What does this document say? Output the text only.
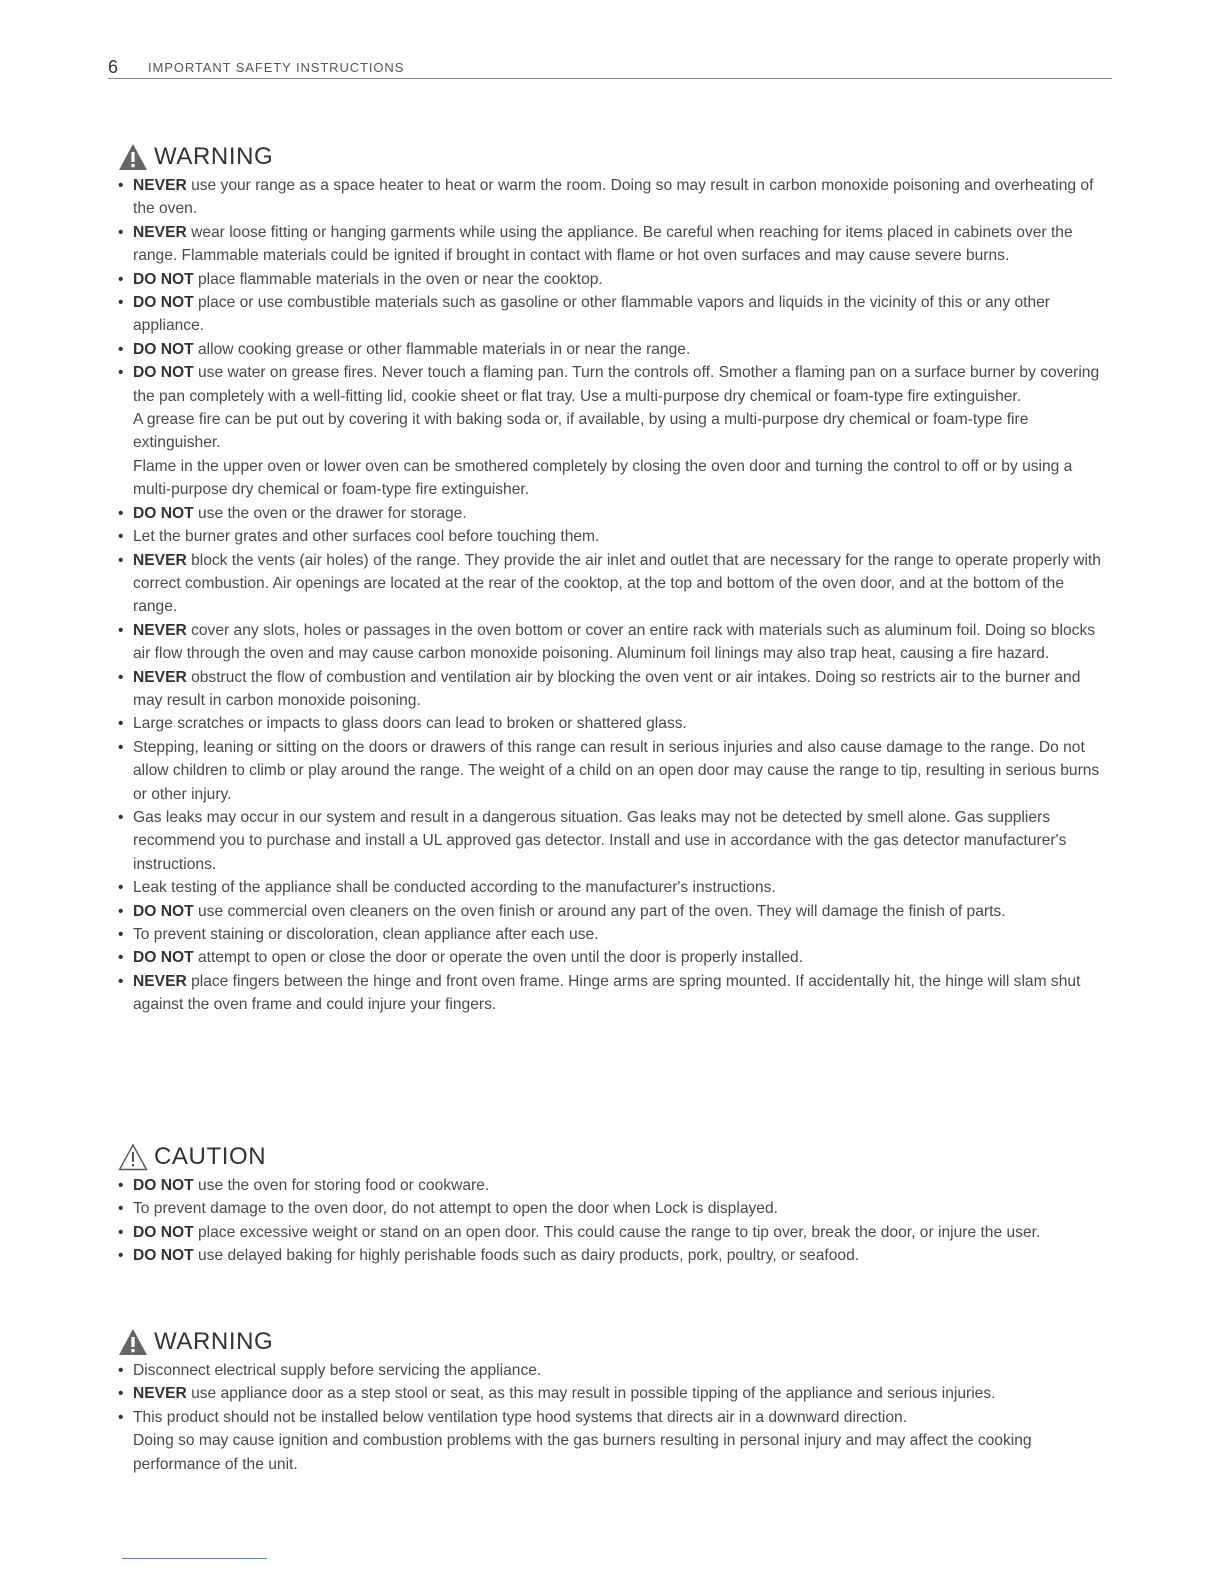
6 IMPORTANT SAFETY INSTRUCTIONS
WARNING
• NEVER use your range as a space heater to heat or warm the room. Doing so may result in carbon monoxide poisoning and overheating of the oven.
• NEVER wear loose fitting or hanging garments while using the appliance. Be careful when reaching for items placed in cabinets over the range. Flammable materials could be ignited if brought in contact with flame or hot oven surfaces and may cause severe burns.
• DO NOT place flammable materials in the oven or near the cooktop.
• DO NOT place or use combustible materials such as gasoline or other flammable vapors and liquids in the vicinity of this or any other appliance.
• DO NOT allow cooking grease or other flammable materials in or near the range.
• DO NOT use water on grease fires. Never touch a flaming pan. Turn the controls off. Smother a flaming pan on a surface burner by covering the pan completely with a well-fitting lid, cookie sheet or flat tray. Use a multi-purpose dry chemical or foam-type fire extinguisher.
A grease fire can be put out by covering it with baking soda or, if available, by using a multi-purpose dry chemical or foam-type fire extinguisher.
Flame in the upper oven or lower oven can be smothered completely by closing the oven door and turning the control to off or by using a multi-purpose dry chemical or foam-type fire extinguisher.
• DO NOT use the oven or the drawer for storage.
• Let the burner grates and other surfaces cool before touching them.
• NEVER block the vents (air holes) of the range. They provide the air inlet and outlet that are necessary for the range to operate properly with correct combustion. Air openings are located at the rear of the cooktop, at the top and bottom of the oven door, and at the bottom of the range.
• NEVER cover any slots, holes or passages in the oven bottom or cover an entire rack with materials such as aluminum foil. Doing so blocks air flow through the oven and may cause carbon monoxide poisoning. Aluminum foil linings may also trap heat, causing a fire hazard.
• NEVER obstruct the flow of combustion and ventilation air by blocking the oven vent or air intakes. Doing so restricts air to the burner and may result in carbon monoxide poisoning.
• Large scratches or impacts to glass doors can lead to broken or shattered glass.
• Stepping, leaning or sitting on the doors or drawers of this range can result in serious injuries and also cause damage to the range. Do not allow children to climb or play around the range. The weight of a child on an open door may cause the range to tip, resulting in serious burns or other injury.
• Gas leaks may occur in our system and result in a dangerous situation. Gas leaks may not be detected by smell alone. Gas suppliers recommend you to purchase and install a UL approved gas detector. Install and use in accordance with the gas detector manufacturer's instructions.
• Leak testing of the appliance shall be conducted according to the manufacturer's instructions.
• DO NOT use commercial oven cleaners on the oven finish or around any part of the oven. They will damage the finish of parts.
• To prevent staining or discoloration, clean appliance after each use.
• DO NOT attempt to open or close the door or operate the oven until the door is properly installed.
• NEVER place fingers between the hinge and front oven frame. Hinge arms are spring mounted. If accidentally hit, the hinge will slam shut against the oven frame and could injure your fingers.
CAUTION
• DO NOT use the oven for storing food or cookware.
• To prevent damage to the oven door, do not attempt to open the door when Lock is displayed.
• DO NOT place excessive weight or stand on an open door. This could cause the range to tip over, break the door, or injure the user.
• DO NOT use delayed baking for highly perishable foods such as dairy products, pork, poultry, or seafood.
WARNING
• Disconnect electrical supply before servicing the appliance.
• NEVER use appliance door as a step stool or seat, as this may result in possible tipping of the appliance and serious injuries.
• This product should not be installed below ventilation type hood systems that directs air in a downward direction.
Doing so may cause ignition and combustion problems with the gas burners resulting in personal injury and may affect the cooking performance of the unit.
